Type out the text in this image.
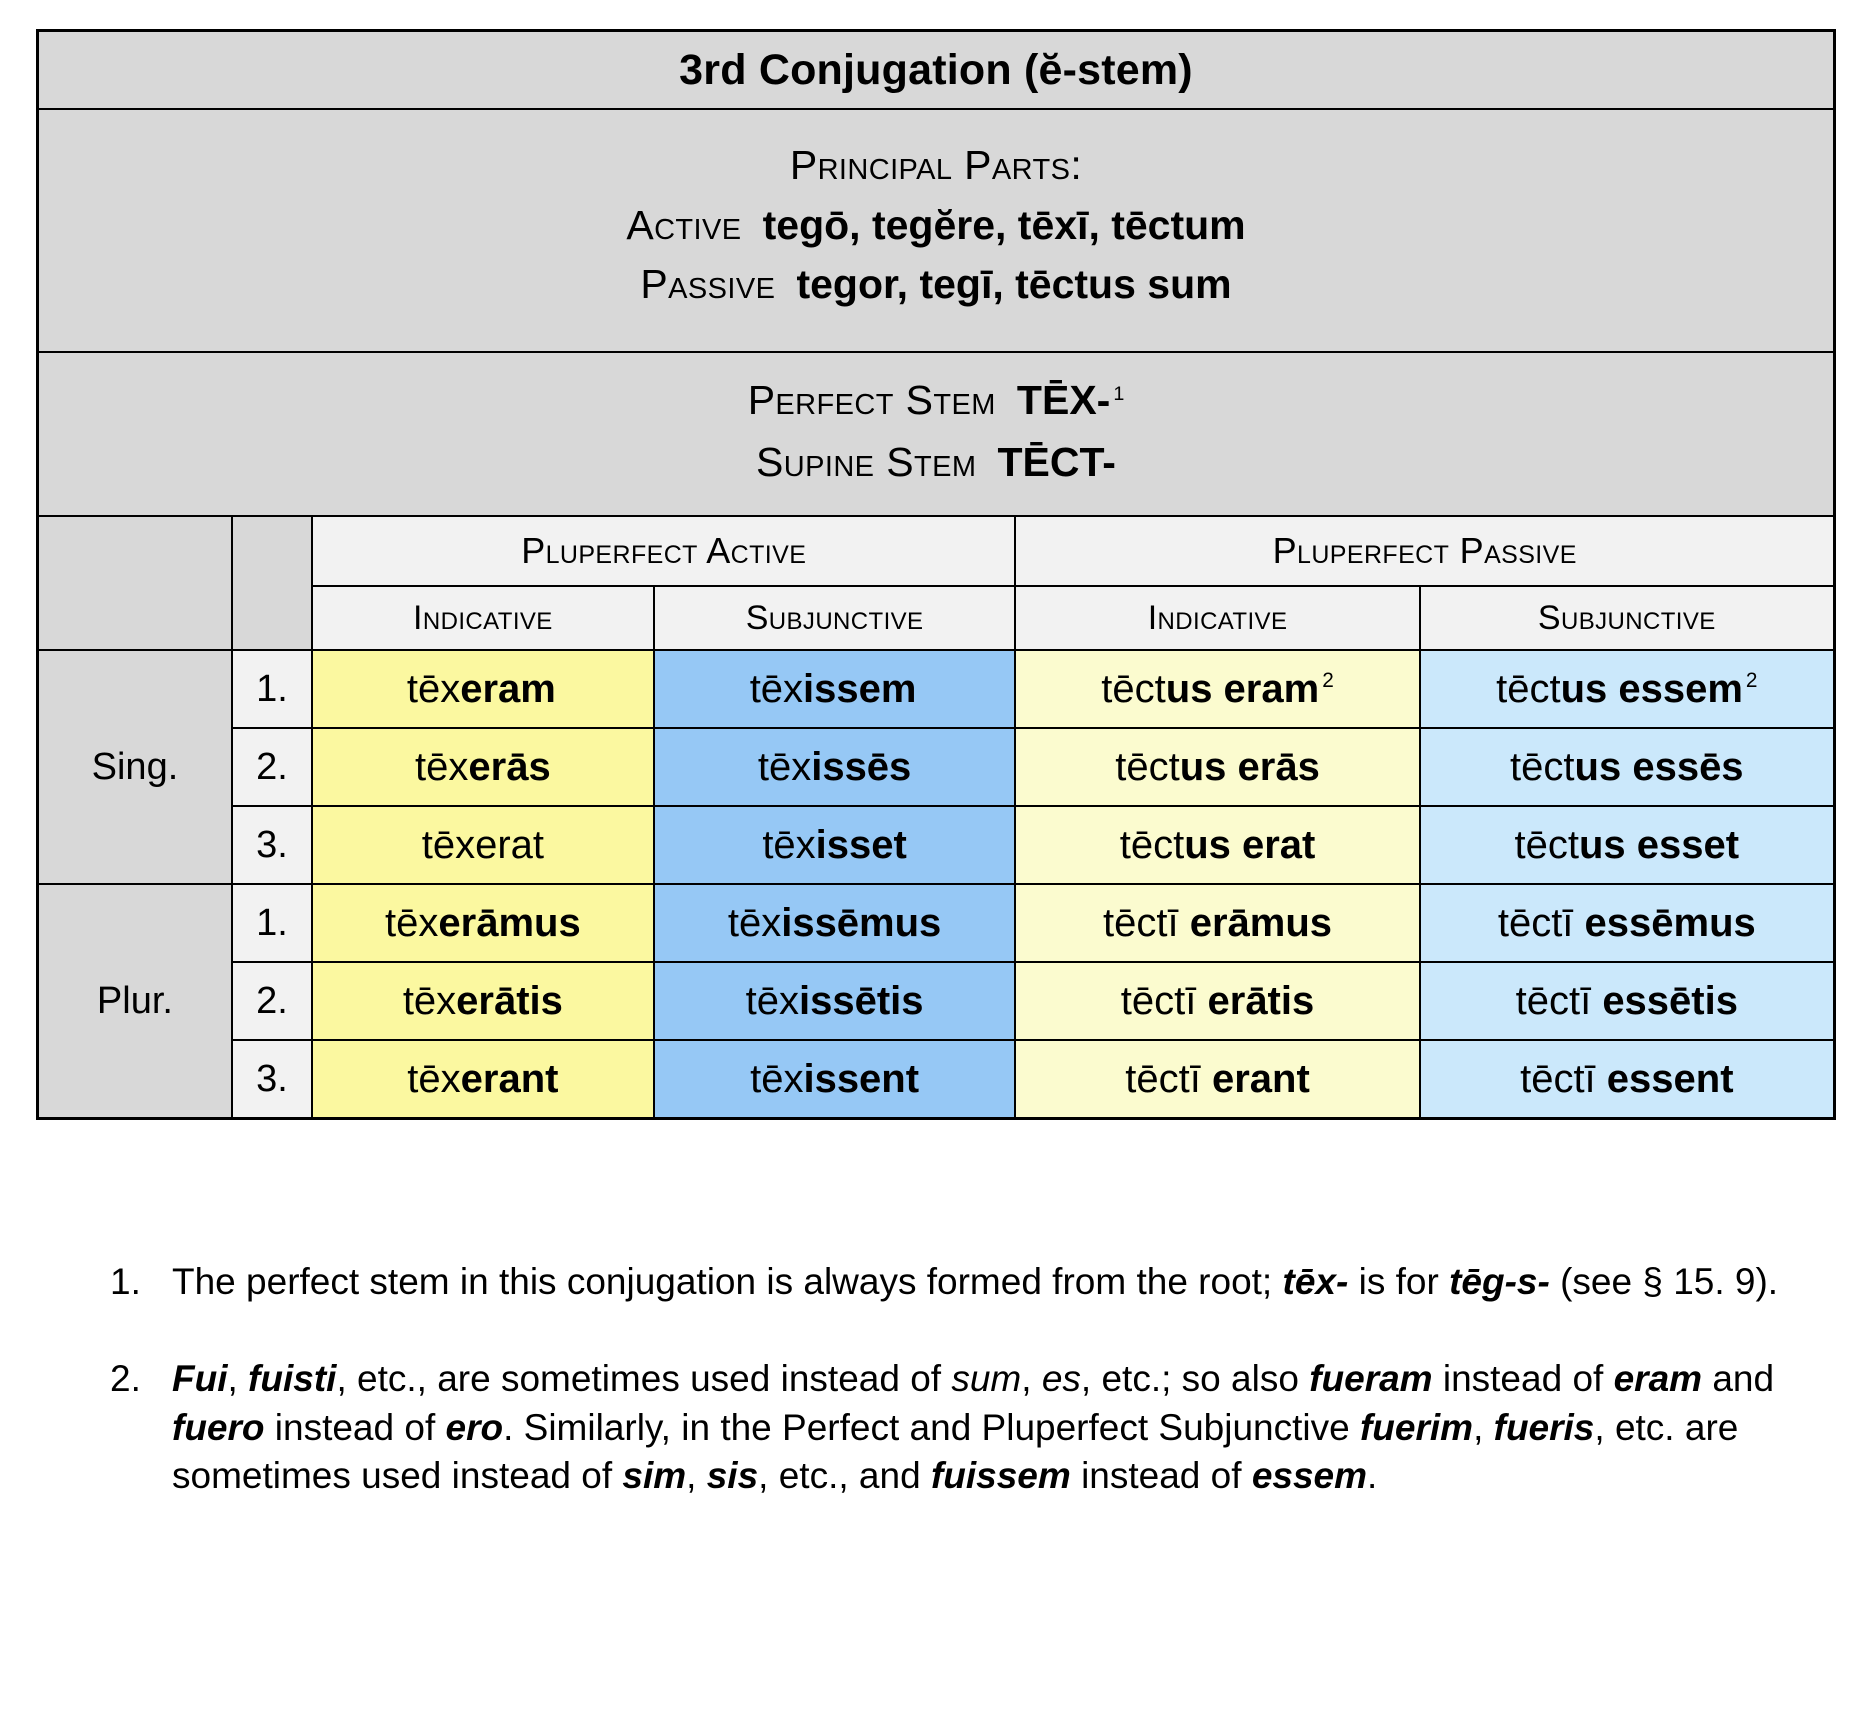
3rd Conjugation (ĕ-stem)					

Principal Parts:
Active tegō, tegĕre, tēxī, tēctum
Passive tegor, tegī, tēctus sum					

Perfect Stem TĒX- $^1$
Supine Stem TĒCT-					

		Pluperfect Active		Pluperfect Passive	
		Indicative	Subjunctive	Indicative	Subjunctive
Sing.	1.	tēxeram	tēxissem	tēctus eram $^2$	tēctus essem $^2$
	2.	tēxerās	tēxissēs	tēctus erās	tēctus essēs
	3.	tēxerat	tēxisset	tēctus erat	tēctus esset
Plur.	1.	tēxerāmus	tēxissēmus	tēctī erāmus	tēctī essēmus
	2.	tēxerātis	tēxissētis	tēctī erātis	tēctī essētis
	3.	tēxerant	tēxissent	tēctī erant	tēctī essent
1. The perfect stem in this conjugation is always formed from the root; tēx- is for tēg-s- (see § 15. 9).
2. Fui, fuisti, etc., are sometimes used instead of sum, es, etc.; so also fueram instead of eram and fuero instead of ero. Similarly, in the Perfect and Pluperfect Subjunctive fuerim, fueris, etc. are sometimes used instead of sim, sis, etc., and fuissem instead of essem.
